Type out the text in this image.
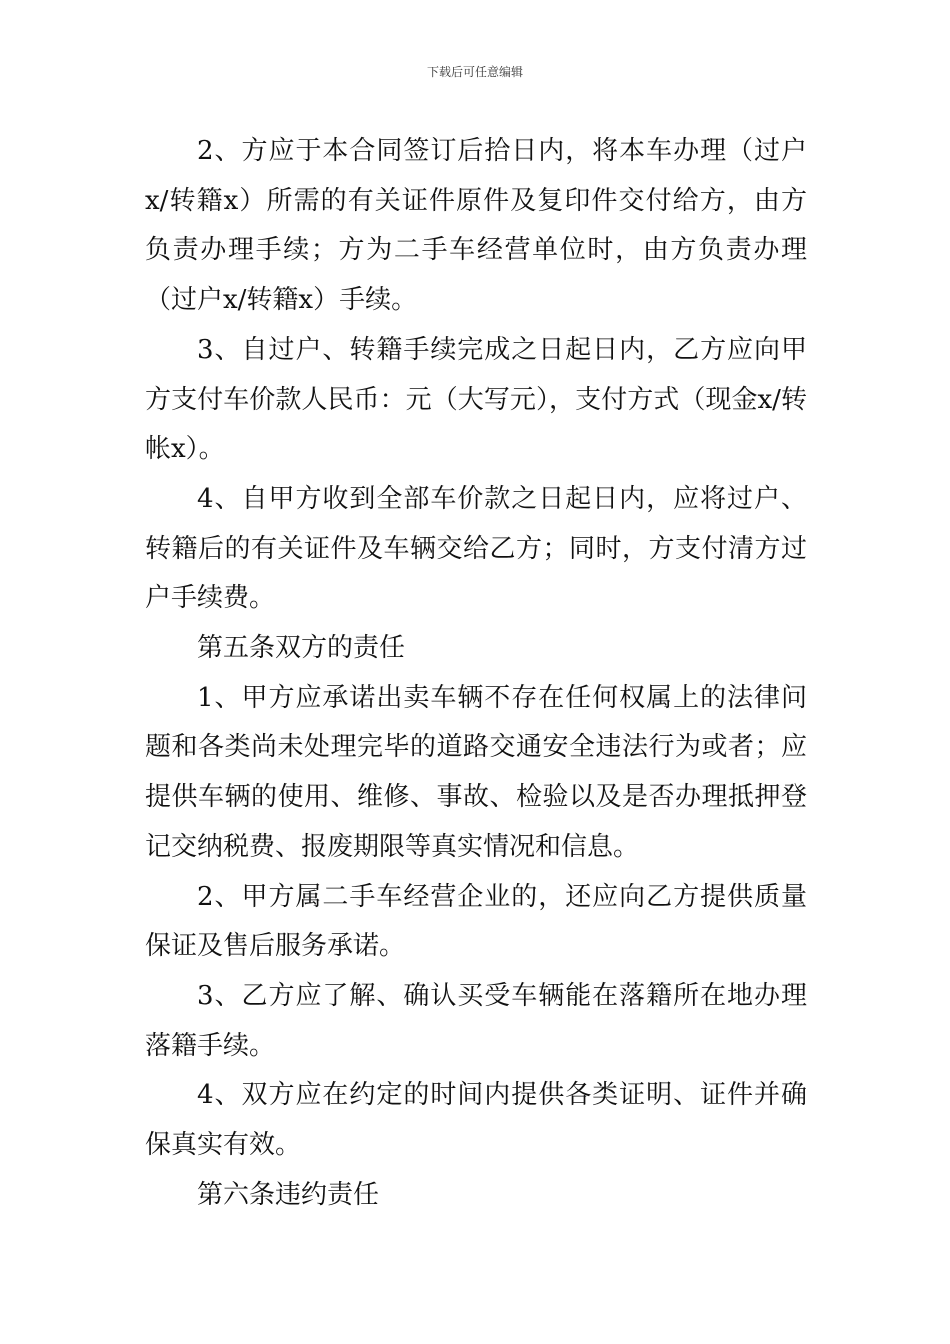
下载后可任意编辑

2、方应于本合同签订后拾日内，将本车办理（过户x/转籍x）所需的有关证件原件及复印件交付给方，由方负责办理手续；方为二手车经营单位时，由方负责办理（过户x/转籍x）手续。

3、自过户、转籍手续完成之日起日内，乙方应向甲方支付车价款人民币：元（大写元），支付方式（现金x/转帐x）。

4、自甲方收到全部车价款之日起日内，应将过户、转籍后的有关证件及车辆交给乙方；同时，方支付清方过户手续费。

第五条双方的责任

1、甲方应承诺出卖车辆不存在任何权属上的法律问题和各类尚未处理完毕的道路交通安全违法行为或者；应提供车辆的使用、维修、事故、检验以及是否办理抵押登记交纳税费、报废期限等真实情况和信息。

2、甲方属二手车经营企业的，还应向乙方提供质量保证及售后服务承诺。

3、乙方应了解、确认买受车辆能在落籍所在地办理落籍手续。

4、双方应在约定的时间内提供各类证明、证件并确保真实有效。

第六条违约责任
